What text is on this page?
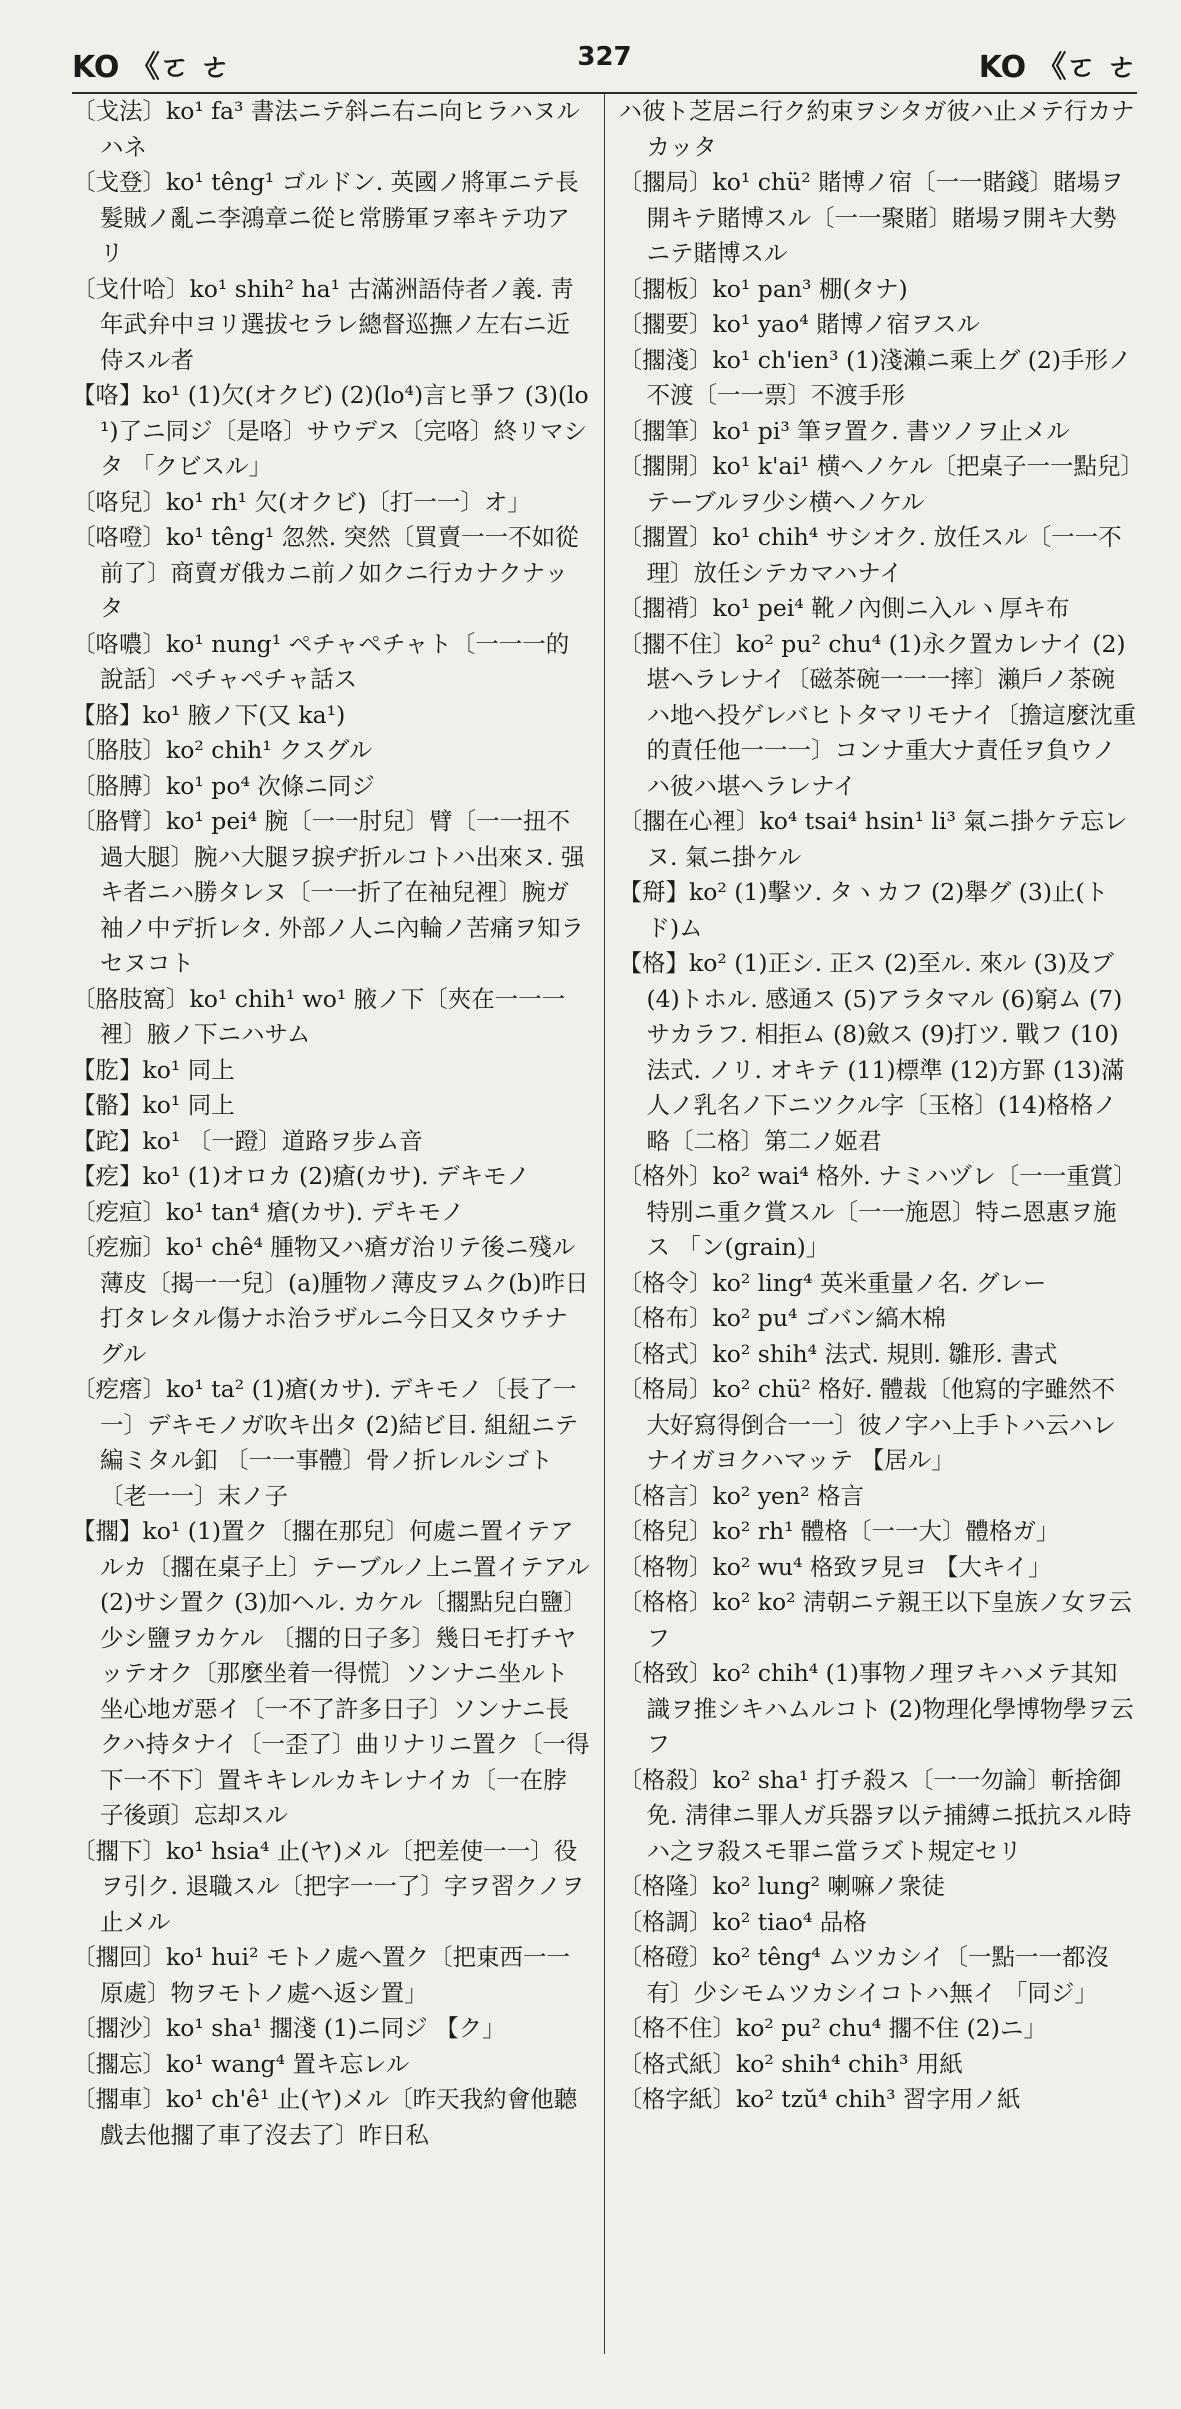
KO 《ㄛ ㄜ	327	KO 《ㄛ ㄜ

〔戈法〕ko¹ fa³ 書法ニテ斜ニ右ニ向ヒラハヌルハネ

〔戈登〕ko¹ têng¹ ゴルドン. 英國ノ將軍ニテ長髮賊ノ亂ニ李鴻章ニ從ヒ常勝軍ヲ率キテ功アリ

〔戈什哈〕ko¹ shih² ha¹ 古滿洲語侍者ノ義. 靑年武弁中ヨリ選拔セラレ總督巡撫ノ左右ニ近侍スル者

【咯】ko¹ (1)欠(オクビ) (2)(lo⁴)言ヒ爭フ (3)(lo¹)了ニ同ジ〔是咯〕サウデス〔完咯〕終リマシタ 「クビスル」

〔咯兒〕ko¹ rh¹ 欠(オクビ)〔打一一〕オ」

〔咯噔〕ko¹ têng¹ 忽然. 突然〔買賣一一不如從前了〕商賣ガ俄カニ前ノ如クニ行カナクナッタ

〔咯噥〕ko¹ nung¹ ペチャペチャト〔一一一的說話〕ペチャペチャ話ス

【胳】ko¹ 腋ノ下(又 ka¹)

〔胳肢〕ko² chih¹ クスグル

〔胳膊〕ko¹ po⁴ 次條ニ同ジ

〔胳臂〕ko¹ pei⁴ 腕〔一一肘兒〕臂〔一一扭不過大腿〕腕ハ大腿ヲ捩ヂ折ルコトハ出來ヌ. 强キ者ニハ勝タレヌ〔一一折了在袖兒裡〕腕ガ袖ノ中デ折レタ. 外部ノ人ニ內輪ノ苦痛ヲ知ラセヌコト

〔胳肢窩〕ko¹ chih¹ wo¹ 腋ノ下〔夾在一一一裡〕腋ノ下ニハサム

【肐】ko¹ 同上

【骼】ko¹ 同上

【跎】ko¹ 〔一蹬〕道路ヲ步ム音

【疙】ko¹ (1)オロカ (2)瘡(カサ). デキモノ

〔疙疸〕ko¹ tan⁴ 瘡(カサ). デキモノ

〔疙痂〕ko¹ chê⁴ 腫物又ハ瘡ガ治リテ後ニ殘ル薄皮〔揭一一兒〕(a)腫物ノ薄皮ヲムク(b)昨日打タレタル傷ナホ治ラザルニ今日又タウチナグル

〔疙瘩〕ko¹ ta² (1)瘡(カサ). デキモノ〔長了一一〕デキモノガ吹キ出タ (2)結ビ目. 組紐ニテ編ミタル釦 〔一一事體〕骨ノ折レルシゴト〔老一一〕末ノ子

【擱】ko¹ (1)置ク〔擱在那兒〕何處ニ置イテアルカ〔擱在桌子上〕テーブルノ上ニ置イテアル (2)サシ置ク (3)加ヘル. カケル〔擱點兒白鹽〕少シ鹽ヲカケル 〔擱的日子多〕幾日モ打チヤッテオク〔那麼坐着一得慌〕ソンナニ坐ルト坐心地ガ惡イ〔一不了許多日子〕ソンナニ長クハ持タナイ〔一歪了〕曲リナリニ置ク〔一得下一不下〕置キキレルカキレナイカ〔一在脖子後頭〕忘却スル

〔擱下〕ko¹ hsia⁴ 止(ヤ)メル〔把差使一一〕役ヲ引ク. 退職スル〔把字一一了〕字ヲ習クノヲ止メル

〔擱回〕ko¹ hui² モトノ處ヘ置ク〔把東西一一原處〕物ヲモトノ處ヘ返シ置」

〔擱沙〕ko¹ sha¹ 擱淺 (1)ニ同ジ 【ク」

〔擱忘〕ko¹ wang⁴ 置キ忘レル

〔擱車〕ko¹ ch'ê¹ 止(ヤ)メル〔昨天我約會他聽戲去他擱了車了沒去了〕昨日私

ハ彼ト芝居ニ行ク約束ヲシタガ彼ハ止メテ行カナカッタ

〔擱局〕ko¹ chü² 賭博ノ宿〔一一賭錢〕賭場ヲ開キテ賭博スル〔一一聚賭〕賭場ヲ開キ大勢ニテ賭博スル

〔擱板〕ko¹ pan³ 棚(タナ)

〔擱要〕ko¹ yao⁴ 賭博ノ宿ヲスル

〔擱淺〕ko¹ ch'ien³ (1)淺瀨ニ乘上グ (2)手形ノ不渡〔一一票〕不渡手形

〔擱筆〕ko¹ pi³ 筆ヲ置ク. 書ツノヲ止メル

〔擱開〕ko¹ k'ai¹ 横ヘノケル〔把桌子一一點兒〕テーブルヲ少シ横ヘノケル

〔擱置〕ko¹ chih⁴ サシオク. 放任スル〔一一不理〕放任シテカマハナイ

〔擱禙〕ko¹ pei⁴ 靴ノ內側ニ入ルヽ厚キ布

〔擱不住〕ko² pu² chu⁴ (1)永ク置カレナイ (2)堪ヘラレナイ〔磁茶碗一一一摔〕瀨戶ノ茶碗ハ地ヘ投ゲレバヒトタマリモナイ〔擔這麼沈重的責任他一一一〕コンナ重大ナ責任ヲ負ウノハ彼ハ堪ヘラレナイ

〔擱在心裡〕ko⁴ tsai⁴ hsin¹ li³ 氣ニ掛ケテ忘レヌ. 氣ニ掛ケル

【搿】ko² (1)擊ツ. タヽカフ (2)舉グ (3)止(トド)ム

【格】ko² (1)正シ. 正ス (2)至ル. 來ル (3)及ブ (4)トホル. 感通ス (5)アラタマル (6)窮ム (7)サカラフ. 相拒ム (8)斂ス (9)打ツ. 戰フ (10)法式. ノリ. オキテ (11)標準 (12)方罫 (13)滿人ノ乳名ノ下ニツクル字〔玉格〕(14)格格ノ略〔二格〕第二ノ姬君

〔格外〕ko² wai⁴ 格外. ナミハヅレ〔一一重賞〕特別ニ重ク賞スル〔一一施恩〕特ニ恩惠ヲ施ス 「ン(grain)」

〔格令〕ko² ling⁴ 英米重量ノ名. グレー

〔格布〕ko² pu⁴ ゴバン縞木棉

〔格式〕ko² shih⁴ 法式. 規則. 雛形. 書式

〔格局〕ko² chü² 格好. 體裁〔他寫的字雖然不大好寫得倒合一一〕彼ノ字ハ上手トハ云ハレナイガヨクハマッテ 【居ル」

〔格言〕ko² yen² 格言

〔格兒〕ko² rh¹ 體格〔一一大〕體格ガ」

〔格物〕ko² wu⁴ 格致ヲ見ヨ 【大キイ」

〔格格〕ko² ko² 淸朝ニテ親王以下皇族ノ女ヲ云フ

〔格致〕ko² chih⁴ (1)事物ノ理ヲキハメテ其知識ヲ推シキハムルコト (2)物理化學博物學ヲ云フ

〔格殺〕ko² sha¹ 打チ殺ス〔一一勿論〕斬捨御免. 淸律ニ罪人ガ兵器ヲ以テ捕縛ニ抵抗スル時ハ之ヲ殺スモ罪ニ當ラズト規定セリ

〔格隆〕ko² lung² 喇嘛ノ衆徒

〔格調〕ko² tiao⁴ 品格

〔格磴〕ko² têng⁴ ムツカシイ〔一點一一都沒有〕少シモムツカシイコトハ無イ 「同ジ」

〔格不住〕ko² pu² chu⁴ 擱不住 (2)ニ」

〔格式紙〕ko² shih⁴ chih³ 用紙

〔格字紙〕ko² tzŭ⁴ chih³ 習字用ノ紙
